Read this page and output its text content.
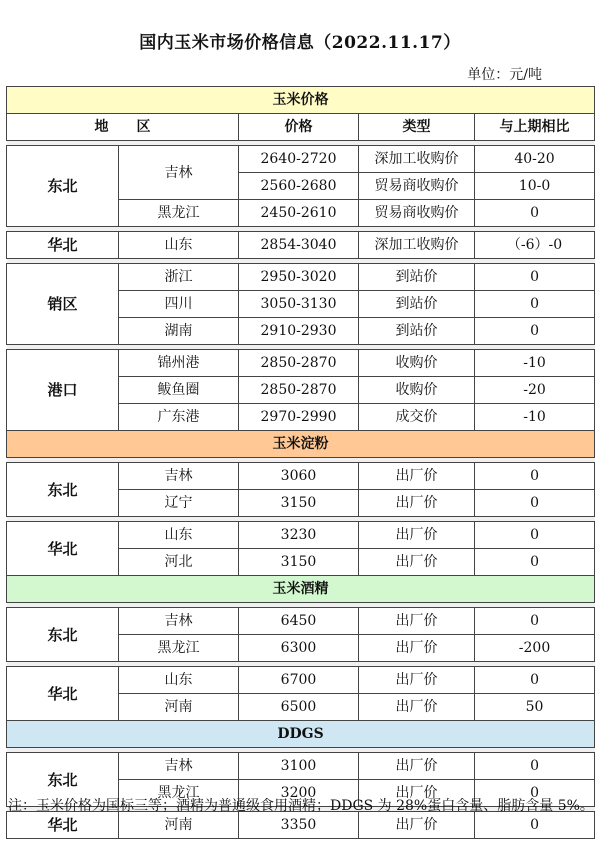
国内玉米市场价格信息（2022.11.17）
单位：元/吨
玉米价格				
地　　区		价格	类型	与上期相比

东北	吉林	2640-2720	深加工收购价	40-20
		2560-2680	贸易商收购价	10-0
	黑龙江	2450-2610	贸易商收购价	0

华北	山东	2854-3040	深加工收购价	（-6）-0

销区	浙江	2950-3020	到站价	0
	四川	3050-3130	到站价	0
	湖南	2910-2930	到站价	0

港口	锦州港	2850-2870	收购价	-10
	鲅鱼圈	2850-2870	收购价	-20
	广东港	2970-2990	成交价	-10
玉米淀粉				

东北	吉林	3060	出厂价	0
	辽宁	3150	出厂价	0

华北	山东	3230	出厂价	0
	河北	3150	出厂价	0
玉米酒精				

东北	吉林	6450	出厂价	0
	黑龙江	6300	出厂价	-200

华北	山东	6700	出厂价	0
	河南	6500	出厂价	50
DDGS				

东北	吉林	3100	出厂价	0
	黑龙江	3200	出厂价	0

华北	河南	3350	出厂价	0
注：玉米价格为国标三等；酒精为普通级食用酒精；DDGS 为 28%蛋白含量、脂肪含量 5%。
